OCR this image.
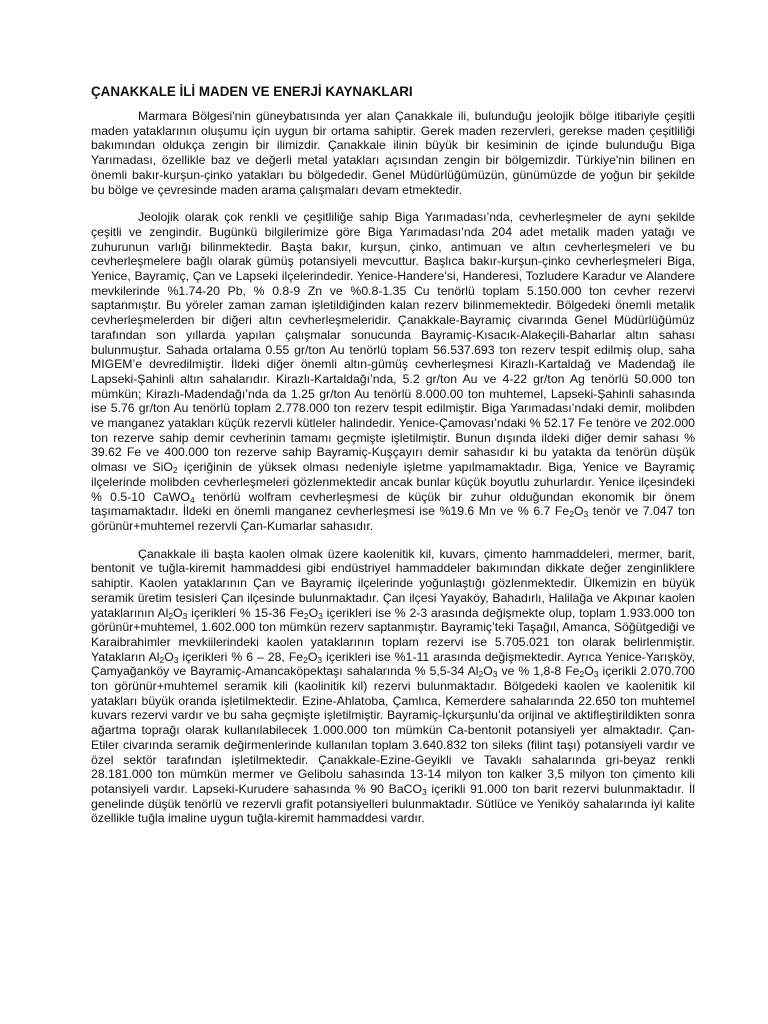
ÇANAKKALE İLİ MADEN VE ENERJİ KAYNAKLARI

Marmara Bölgesi'nin güneybatısında yer alan Çanakkale ili, bulunduğu jeolojik bölge itibariyle çeşitli maden yataklarının oluşumu için uygun bir ortama sahiptir. Gerek maden rezervleri, gerekse maden çeşitliliği bakımından oldukça zengin bir ilimizdir. Çanakkale ilinin büyük bir kesiminin de içinde bulunduğu Biga Yarımadası, özellikle baz ve değerli metal yatakları açısından zengin bir bölgemizdir. Türkiye'nin bilinen en önemli bakır-kurşun-çinko yatakları bu bölgededir. Genel Müdürlüğümüzün, günümüzde de yoğun bir şekilde bu bölge ve çevresinde maden arama çalışmaları devam etmektedir.

Jeolojik olarak çok renkli ve çeşitliliğe sahip Biga Yarımadası’nda, cevherleşmeler de aynı şekilde çeşitli ve zengindir. Bugünkü bilgilerimize göre Biga Yarımadası’nda 204 adet metalik maden yatağı ve zuhurunun varlığı bilinmektedir. Başta bakır, kurşun, çinko, antimuan ve altın cevherleşmeleri ve bu cevherleşmelere bağlı olarak gümüş potansiyeli mevcuttur. Başlıca bakır-kurşun-çinko cevherleşmeleri Biga, Yenice, Bayramiç, Çan ve Lapseki ilçelerindedir. Yenice-Handere’si, Handeresi, Tozludere Karadur ve Alandere mevkilerinde %1.74-20 Pb, % 0.8-9 Zn ve %0.8-1.35 Cu tenörlü toplam 5.150.000 ton cevher rezervi saptanmıştır. Bu yöreler zaman zaman işletildiğinden kalan rezerv bilinmemektedir. Bölgedeki önemli metalik cevherleşmelerden bir diğeri altın cevherleşmeleridir. Çanakkale-Bayramiç civarında Genel Müdürlüğümüz tarafından son yıllarda yapılan çalışmalar sonucunda Bayramiç-Kısacık-Alakeçili-Baharlar altın sahası bulunmuştur. Sahada ortalama 0.55 gr/ton Au tenörlü toplam 56.537.693 ton rezerv tespit edilmiş olup, saha MIGEM’e devredilmiştir. İldeki diğer önemli altın-gümüş cevherleşmesi Kirazlı-Kartaldağ ve Madendağ ile Lapseki-Şahinli altın sahalarıdır. Kirazlı-Kartaldağı’nda, 5.2 gr/ton Au ve 4-22 gr/ton Ag tenörlü 50.000 ton mümkün; Kirazlı-Madendağı’nda da 1.25 gr/ton Au tenörlü 8.000.00 ton muhtemel, Lapseki-Şahinli sahasında ise 5.76 gr/ton Au tenörlü toplam 2.778.000 ton rezerv tespit edilmiştir. Biga Yarımadası’ndaki demir, molibden ve manganez yatakları küçük rezervli kütleler halindedir. Yenice-Çamovası’ndaki % 52.17 Fe tenöre ve 202.000 ton rezerve sahip demir cevherinin tamamı geçmişte işletilmiştir. Bunun dışında ildeki diğer demir sahası % 39.62 Fe ve 400.000 ton rezerve sahip Bayramiç-Kuşçayırı demir sahasıdır ki bu yatakta da tenörün düşük olması ve SiO$_2$ içeriğinin de yüksek olması nedeniyle işletme yapılmamaktadır. Biga, Yenice ve Bayramiç ilçelerinde molibden cevherleşmeleri gözlenmektedir ancak bunlar küçük boyutlu zuhurlardır. Yenice ilçesindeki % 0.5-10 CaWO$_4$ tenörlü wolfram cevherleşmesi de küçük bir zuhur olduğundan ekonomik bir önem taşımamaktadır. İldeki en önemli manganez cevherleşmesi ise %19.6 Mn ve % 6.7 $Fe_2O_3$ tenör ve 7.047 ton görünür+muhtemel rezervli Çan-Kumarlar sahasıdır.

Çanakkale ili başta kaolen olmak üzere kaolenitik kil, kuvars, çimento hammaddeleri, mermer, barit, bentonit ve tuğla-kiremit hammaddesi gibi endüstriyel hammaddeler bakımından dikkate değer zenginliklere sahiptir. Kaolen yataklarının Çan ve Bayramiç ilçelerinde yoğunlaştığı gözlenmektedir. Ülkemizin en büyük seramik üretim tesisleri Çan ilçesinde bulunmaktadır. Çan ilçesi Yayaköy, Bahadırlı, Halilağa ve Akpınar kaolen yataklarının $Al_2O_3$ içerikleri % 15-36 $Fe_2O_3$ içerikleri ise % 2-3 arasında değişmekte olup, toplam 1.933.000 ton görünür+muhtemel, 1.602.000 ton mümkün rezerv saptanmıştır. Bayramiç’teki Taşağıl, Amanca, Söğütgediği ve Karaibrahimler mevkiilerindeki kaolen yataklarının toplam rezervi ise 5.705.021 ton olarak belirlenmiştir. Yatakların $Al_2O_3$ içerikleri % 6 – 28, $Fe_2O_3$ içerikleri ise %1-11 arasında değişmektedir. Ayrıca Yenice-Yarışköy, Çamyağanköy ve Bayramiç-Amancaköpektaşı sahalarında % 5,5-34 $Al_2O_3$ ve % 1,8-8 $Fe_2O_3$ içerikli 2.070.700 ton görünür+muhtemel seramik kili (kaolinitik kil) rezervi bulunmaktadır. Bölgedeki kaolen ve kaolenitik kil yatakları büyük oranda işletilmektedir. Ezine-Ahlatoba, Çamlıca, Kemerdere sahalarında 22.650 ton muhtemel kuvars rezervi vardır ve bu saha geçmişte işletilmiştir. Bayramiç-İçkurşunlu’da orijinal ve aktifleştirildikten sonra ağartma toprağı olarak kullanılabilecek 1.000.000 ton mümkün Ca-bentonit potansiyeli yer almaktadır. Çan-Etiler civarında seramik değirmenlerinde kullanılan toplam 3.640.832 ton sileks (filint taşı) potansiyeli vardır ve özel sektör tarafından işletilmektedir. Çanakkale-Ezine-Geyikli ve Tavaklı sahalarında gri-beyaz renkli 28.181.000 ton mümkün mermer ve Gelibolu sahasında 13-14 milyon ton kalker 3,5 milyon ton çimento kili potansiyeli vardır. Lapseki-Kurudere sahasında % 90 BaCO$_3$ içerikli 91.000 ton barit rezervi bulunmaktadır. İl genelinde düşük tenörlü ve rezervli grafit potansiyelleri bulunmaktadır. Sütlüce ve Yeniköy sahalarında iyi kalite özellikle tuğla imaline uygun tuğla-kiremit hammaddesi vardır.
